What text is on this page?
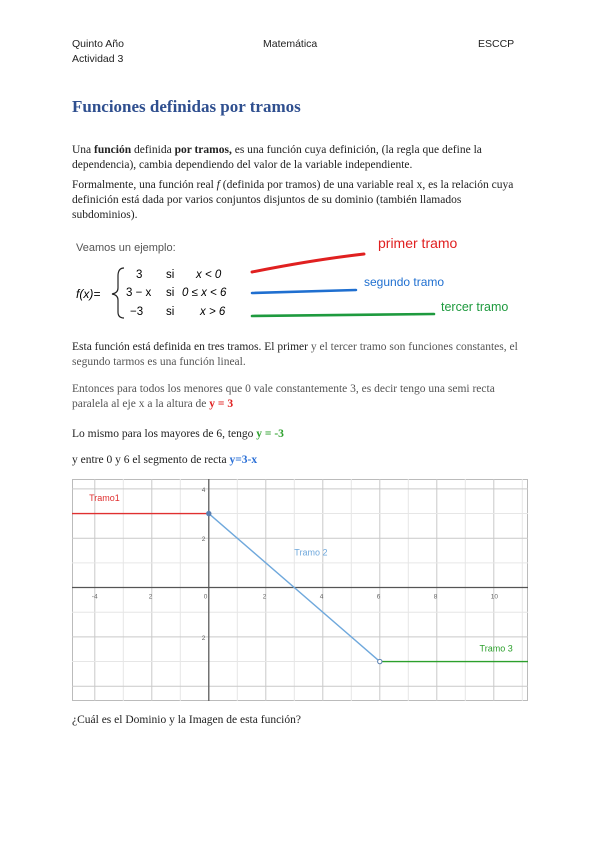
Quinto Año
Actividad 3
Matemática	ESCCP
Funciones definidas por tramos
Una función definida por tramos, es una función cuya definición, (la regla que define la dependencia), cambia dependiendo del valor de la variable independiente.
Formalmente, una función real f (definida por tramos) de una variable real x, es la relación cuya definición está dada por varios conjuntos disjuntos de su dominio (también llamados subdominios).
Veamos un ejemplo:
f(x)=
3 si x < 0
3 − x si 0 ≤ x < 6
−3 si x > 6
primer tramo
segundo tramo
tercer tramo
Esta función está definida en tres tramos. El primer y el tercer tramo son funciones constantes, el segundo tarmos es una función lineal.
Entonces para todos los menores que 0 vale constantemente 3, es decir tengo una semi recta paralela al eje x a la altura de y = 3
Lo mismo para los mayores de 6, tengo y = -3
y entre 0 y 6 el segmento de recta y=3-x
-4	2	0	2	4	6	8	10
4
2
2
Tramo1
Tramo 2
Tramo 3
¿Cuál es el Dominio y la Imagen de esta función?
